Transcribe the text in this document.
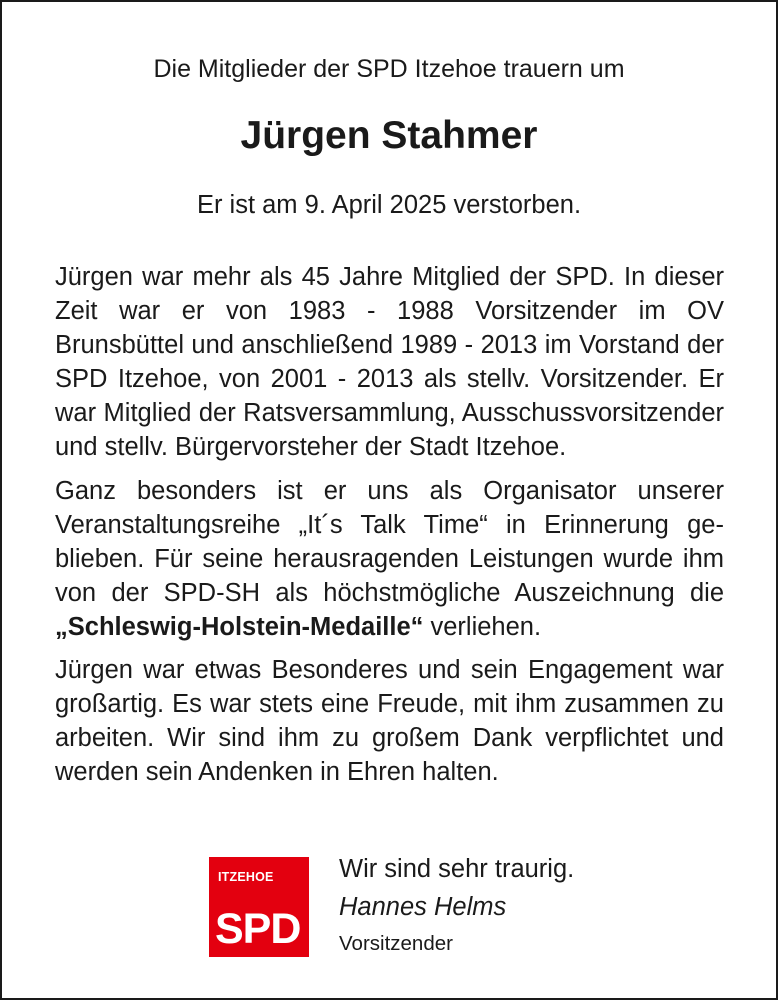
Die Mitglieder der SPD Itzehoe trauern um
Jürgen Stahmer
Er ist am 9. April 2025 verstorben.

Jürgen war mehr als 45 Jahre Mitglied der SPD. In dieser Zeit war er von 1983 - 1988 Vorsitzender im OV Brunsbüttel und anschließend 1989 - 2013 im Vorstand der SPD Itzehoe, von 2001 - 2013 als stellv. Vorsitzender. Er war Mitglied der Ratsversammlung, Ausschussvorsitzender und stellv. Bürgervorsteher der Stadt Itzehoe.

Ganz besonders ist er uns als Organisator unserer Veranstaltungsreihe „It´s Talk Time“ in Erinnerung geblieben. Für seine herausragenden Leistungen wurde ihm von der SPD-SH als höchstmögliche Auszeichnung die „Schleswig-Holstein-Medaille“ verliehen.

Jürgen war etwas Besonderes und sein Engagement war großartig. Es war stets eine Freude, mit ihm zusammen zu arbeiten. Wir sind ihm zu großem Dank verpflichtet und werden sein Andenken in Ehren halten.

ITZEHOE
SPD
Wir sind sehr traurig.
Hannes Helms
Vorsitzender
